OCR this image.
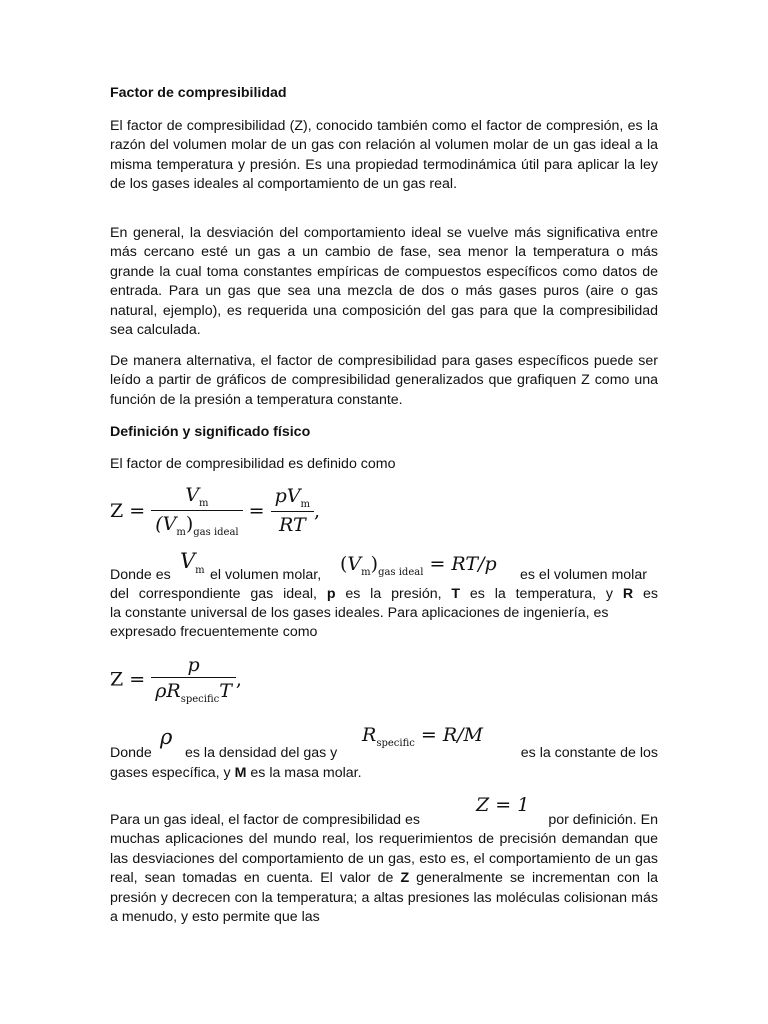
Factor de compresibilidad

El factor de compresibilidad (Z), conocido también como el factor de compresión, es la razón del volumen molar de un gas con relación al volumen molar de un gas ideal a la misma temperatura y presión. Es una propiedad termodinámica útil para aplicar la ley de los gases ideales al comportamiento de un gas real.

En general, la desviación del comportamiento ideal se vuelve más significativa entre más cercano esté un gas a un cambio de fase, sea menor la temperatura o más grande la cual toma constantes empíricas de compuestos específicos como datos de entrada. Para un gas que sea una mezcla de dos o más gases puros (aire o gas natural, ejemplo), es requerida una composición del gas para que la compresibilidad sea calculada.

De manera alternativa, el factor de compresibilidad para gases específicos puede ser leído a partir de gráficos de compresibilidad generalizados que grafiquen Z como una función de la presión a temperatura constante.

Definición y significado físico

El factor de compresibilidad es definido como

$Z = \frac{V_m}{(V_m)_{gas ideal}} = \frac{pV_m}{RT}$ ,
Donde es
$V_m$ el volumen molar, $(V_m)_{gas ideal} = RT/p$ es el volumen molar
del correspondiente gas ideal, p es la presión, T es la temperatura, y R es
la constante universal de los gases ideales. Para aplicaciones de ingeniería, es
expresado frecuentemente como
$Z = \frac{p}{\rho R_{specific}T}$ ,
Donde
ρ
es la densidad del gas y
$R_{specific} = R/M$
es la constante de los
gases específica, y M es la masa molar.
Para un gas ideal, el factor de compresibilidad es
Z = 1
por definición. En

muchas aplicaciones del mundo real, los requerimientos de precisión demandan que las desviaciones del comportamiento de un gas, esto es, el comportamiento de un gas real, sean tomadas en cuenta. El valor de Z generalmente se incrementan con la presión y decrecen con la temperatura; a altas presiones las moléculas colisionan más a menudo, y esto permite que las
